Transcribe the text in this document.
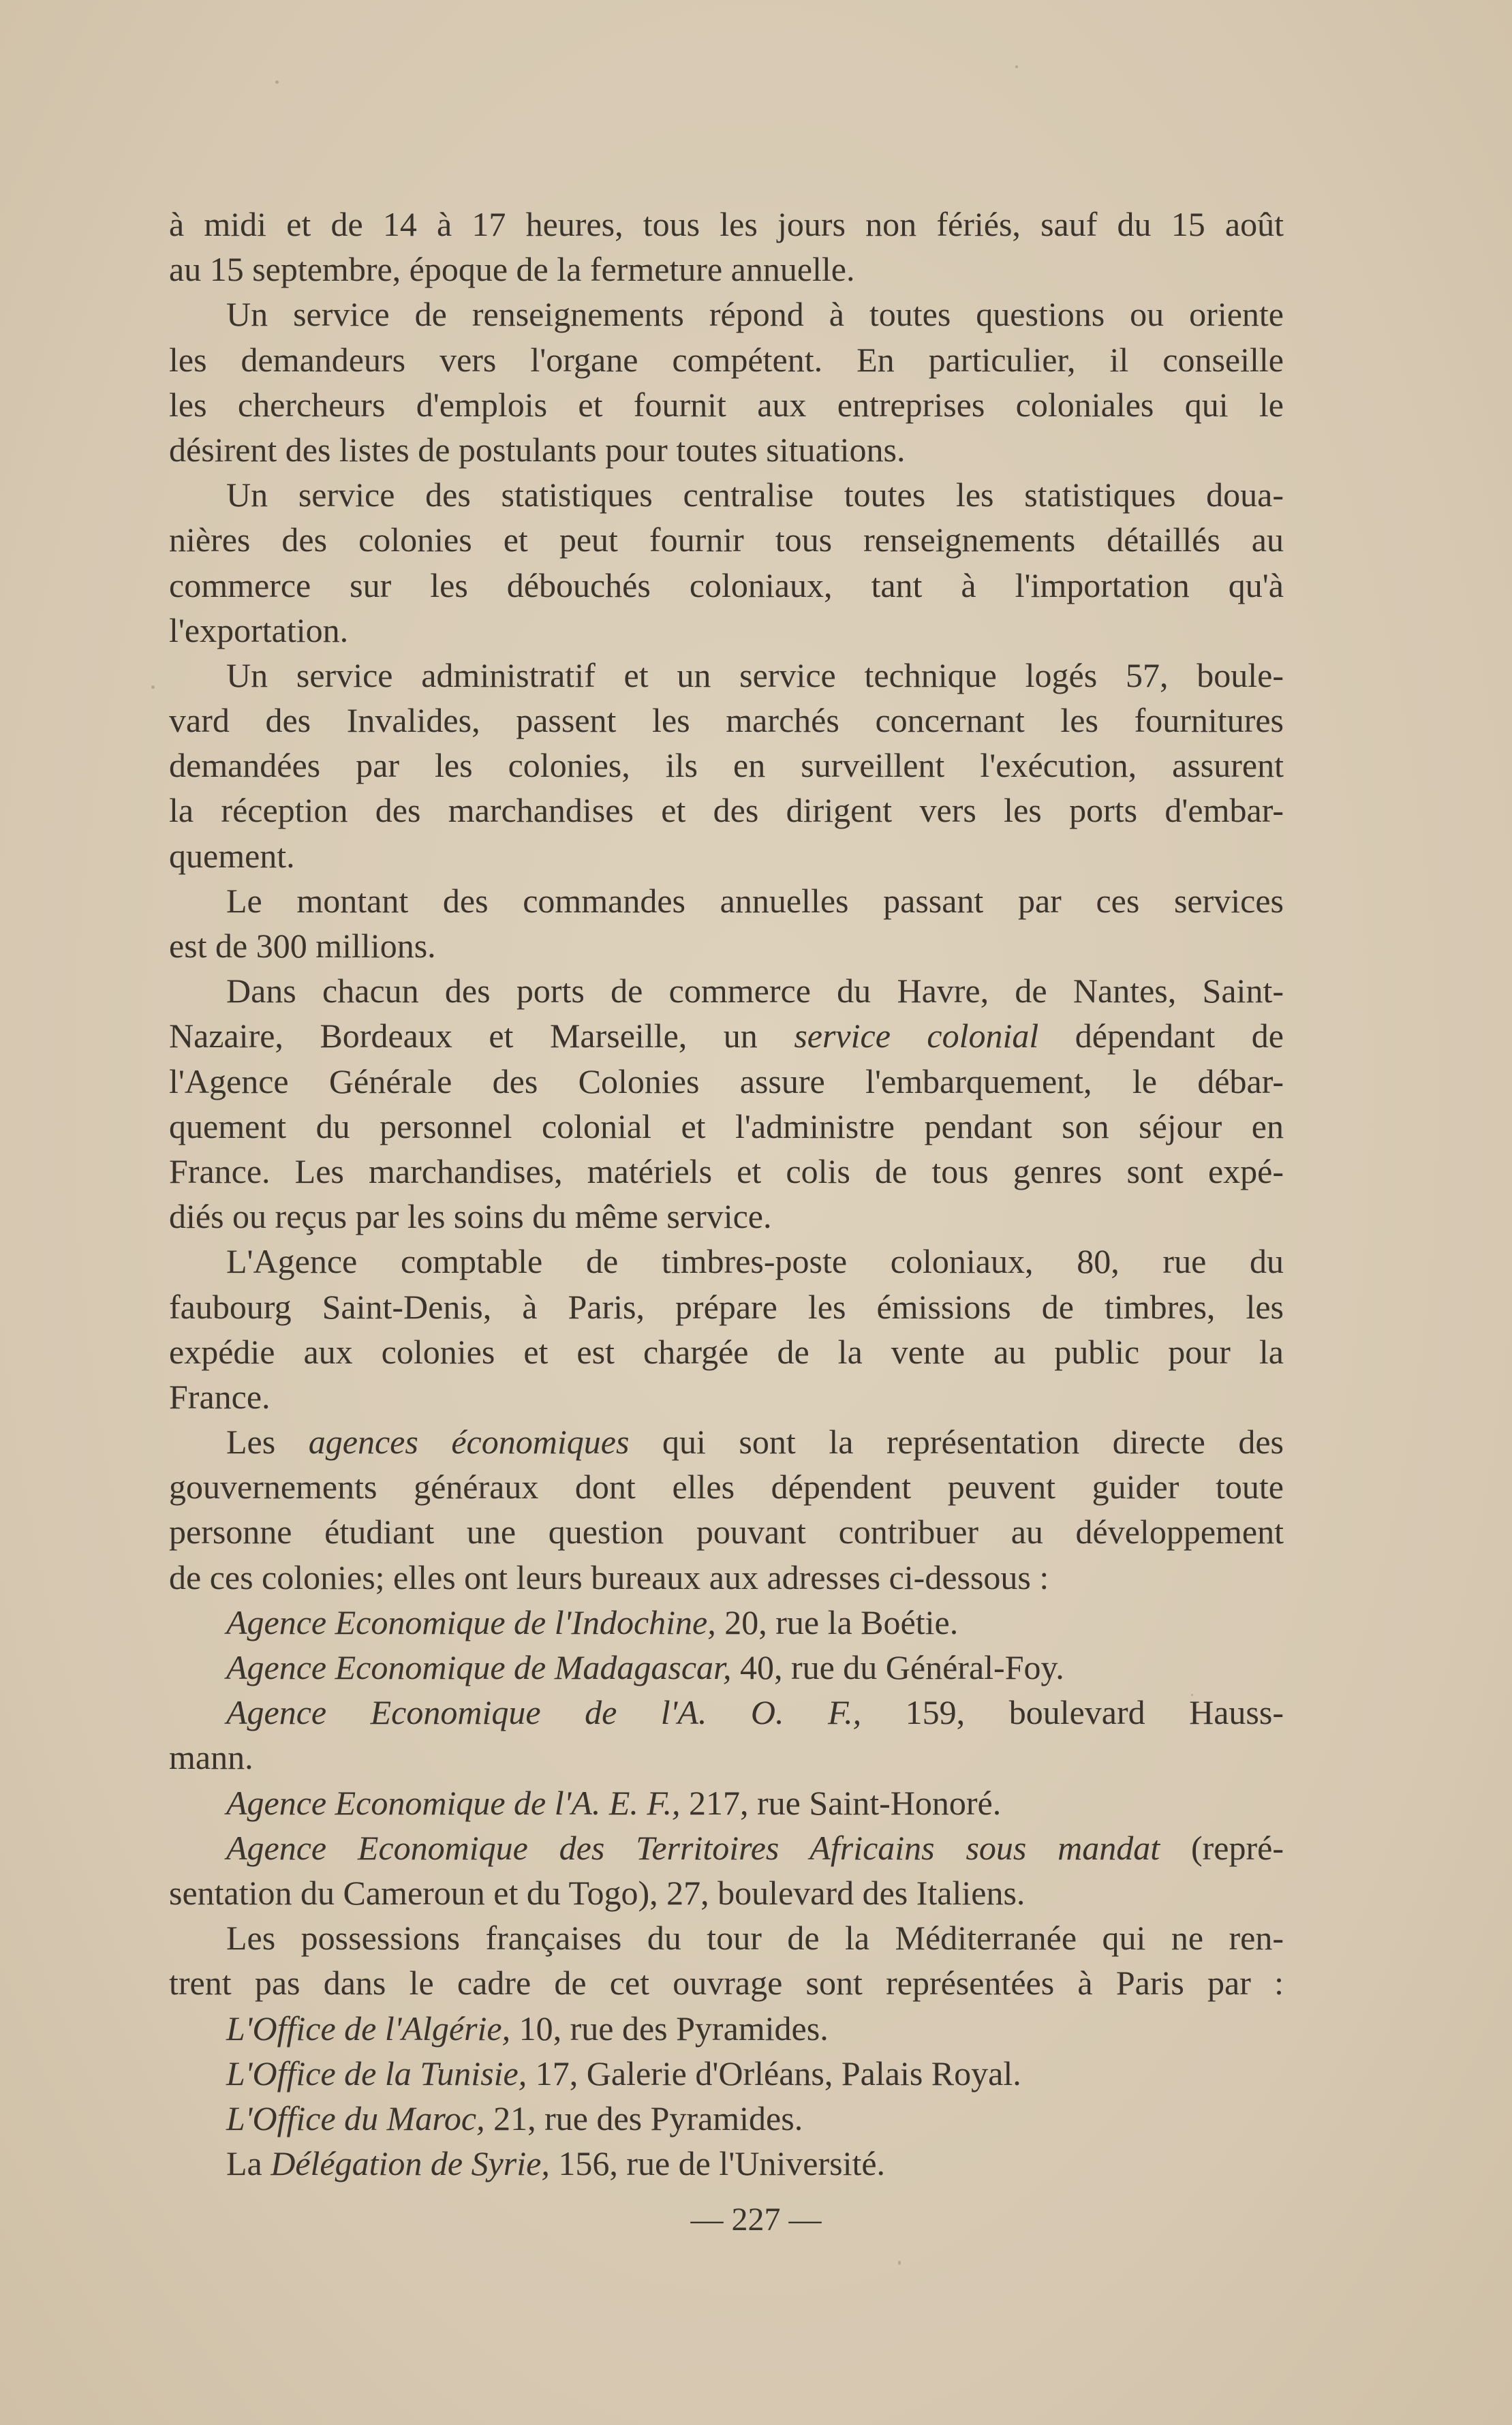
à midi et de 14 à 17 heures, tous les jours non fériés, sauf du 15 août
au 15 septembre, époque de la fermeture annuelle.
Un service de renseignements répond à toutes questions ou oriente
les demandeurs vers l'organe compétent. En particulier, il conseille
les chercheurs d'emplois et fournit aux entreprises coloniales qui le
désirent des listes de postulants pour toutes situations.
Un service des statistiques centralise toutes les statistiques doua-
nières des colonies et peut fournir tous renseignements détaillés au
commerce sur les débouchés coloniaux, tant à l'importation qu'à
l'exportation.
Un service administratif et un service technique logés 57, boule-
vard des Invalides, passent les marchés concernant les fournitures
demandées par les colonies, ils en surveillent l'exécution, assurent
la réception des marchandises et des dirigent vers les ports d'embar-
quement.
Le montant des commandes annuelles passant par ces services
est de 300 millions.
Dans chacun des ports de commerce du Havre, de Nantes, Saint-
Nazaire, Bordeaux et Marseille, un service colonial dépendant de
l'Agence Générale des Colonies assure l'embarquement, le débar-
quement du personnel colonial et l'administre pendant son séjour en
France. Les marchandises, matériels et colis de tous genres sont expé-
diés ou reçus par les soins du même service.
L'Agence comptable de timbres-poste coloniaux, 80, rue du
faubourg Saint-Denis, à Paris, prépare les émissions de timbres, les
expédie aux colonies et est chargée de la vente au public pour la
France.
Les agences économiques qui sont la représentation directe des
gouvernements généraux dont elles dépendent peuvent guider toute
personne étudiant une question pouvant contribuer au développement
de ces colonies; elles ont leurs bureaux aux adresses ci-dessous :
Agence Economique de l'Indochine, 20, rue la Boétie.
Agence Economique de Madagascar, 40, rue du Général-Foy.
Agence Economique de l'A. O. F., 159, boulevard Hauss-
mann.
Agence Economique de l'A. E. F., 217, rue Saint-Honoré.
Agence Economique des Territoires Africains sous mandat (repré-
sentation du Cameroun et du Togo), 27, boulevard des Italiens.
Les possessions françaises du tour de la Méditerranée qui ne ren-
trent pas dans le cadre de cet ouvrage sont représentées à Paris par :
L'Office de l'Algérie, 10, rue des Pyramides.
L'Office de la Tunisie, 17, Galerie d'Orléans, Palais Royal.
L'Office du Maroc, 21, rue des Pyramides.
La Délégation de Syrie, 156, rue de l'Université.
— 227 —
